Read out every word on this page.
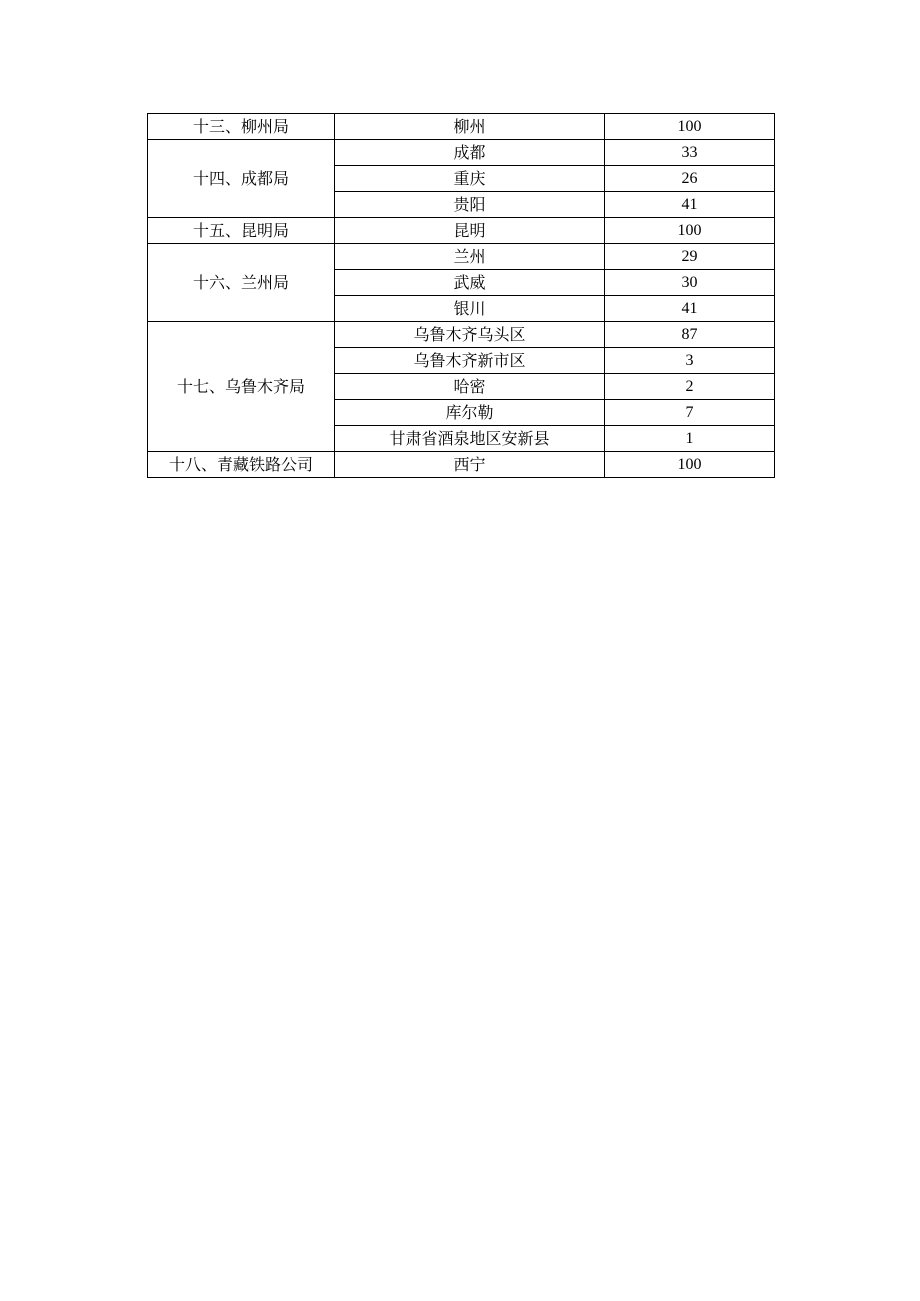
十三、柳州局	柳州	100
十四、成都局	成都	33
	重庆	26
	贵阳	41
十五、昆明局	昆明	100
十六、兰州局	兰州	29
	武威	30
	银川	41
十七、乌鲁木齐局	乌鲁木齐乌头区	87
	乌鲁木齐新市区	3
	哈密	2
	库尔勒	7
	甘肃省酒泉地区安新县	1
十八、青藏铁路公司	西宁	100
